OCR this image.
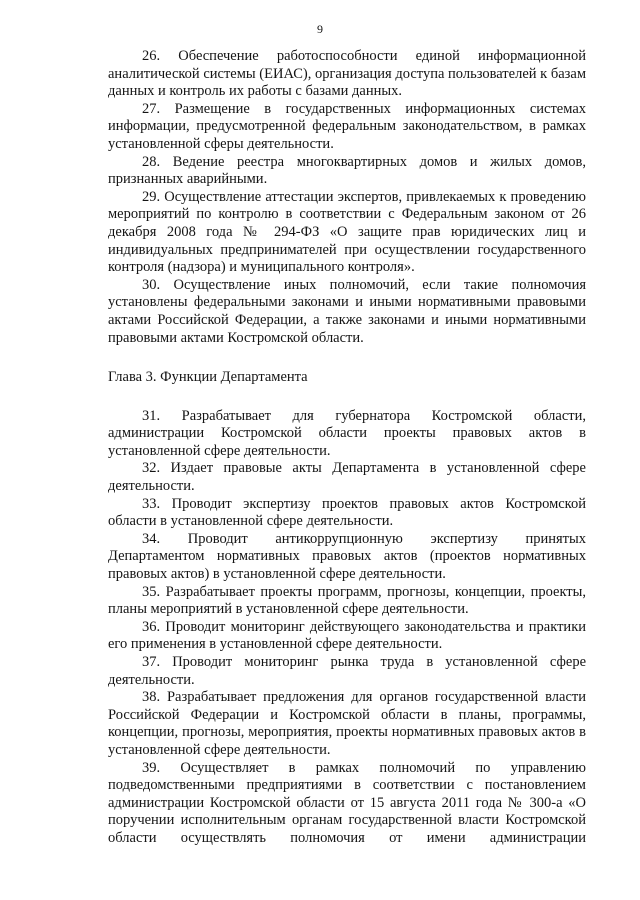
9

26. Обеспечение работоспособности единой информационной аналитической системы (ЕИАС), организация доступа пользователей к базам данных и контроль их работы с базами данных.

27. Размещение в государственных информационных системах информации, предусмотренной федеральным законодательством, в рамках установленной сферы деятельности.

28. Ведение реестра многоквартирных домов и жилых домов, признанных аварийными.

29. Осуществление аттестации экспертов, привлекаемых к проведению мероприятий по контролю в соответствии с Федеральным законом от 26 декабря 2008 года № 294-ФЗ «О защите прав юридических лиц и индивидуальных предпринимателей при осуществлении государственного контроля (надзора) и муниципального контроля».

30. Осуществление иных полномочий, если такие полномочия установлены федеральными законами и иными нормативными правовыми актами Российской Федерации, а также законами и иными нормативными правовыми актами Костромской области.

Глава 3. Функции Департамента

31. Разрабатывает для губернатора Костромской области, администрации Костромской области проекты правовых актов в установленной сфере деятельности.

32. Издает правовые акты Департамента в установленной сфере деятельности.

33. Проводит экспертизу проектов правовых актов Костромской области в установленной сфере деятельности.

34. Проводит антикоррупционную экспертизу принятых Департаментом нормативных правовых актов (проектов нормативных правовых актов) в установленной сфере деятельности.

35. Разрабатывает проекты программ, прогнозы, концепции, проекты, планы мероприятий в установленной сфере деятельности.

36. Проводит мониторинг действующего законодательства и практики его применения в установленной сфере деятельности.

37. Проводит мониторинг рынка труда в установленной сфере деятельности.

38. Разрабатывает предложения для органов государственной власти Российской Федерации и Костромской области в планы, программы, концепции, прогнозы, мероприятия, проекты нормативных правовых актов в установленной сфере деятельности.

39. Осуществляет в рамках полномочий по управлению подведомственными предприятиями в соответствии с постановлением администрации Костромской области от 15 августа 2011 года № 300-а «О поручении исполнительным органам государственной власти Костромской области осуществлять полномочия от имени администрации
